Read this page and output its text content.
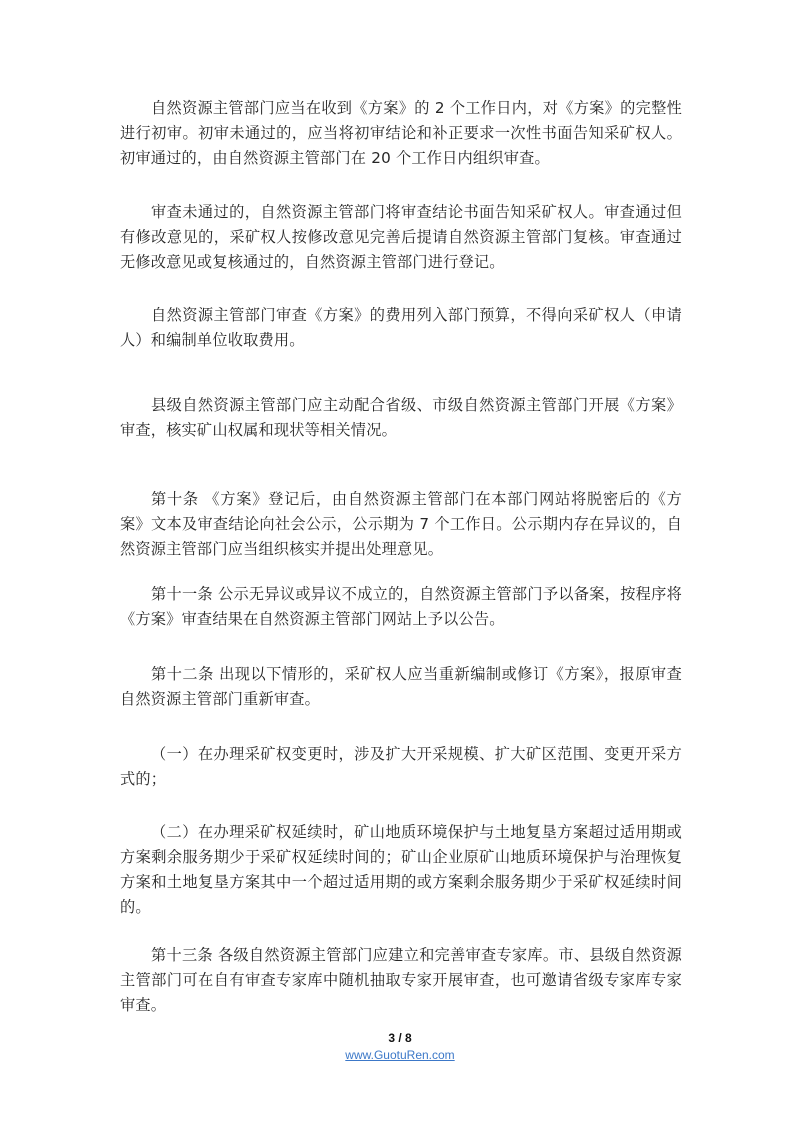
自然资源主管部门应当在收到《方案》的 2 个工作日内，对《方案》的完整性进行初审。初审未通过的，应当将初审结论和补正要求一次性书面告知采矿权人。初审通过的，由自然资源主管部门在 20 个工作日内组织审查。

审查未通过的，自然资源主管部门将审查结论书面告知采矿权人。审查通过但有修改意见的，采矿权人按修改意见完善后提请自然资源主管部门复核。审查通过无修改意见或复核通过的，自然资源主管部门进行登记。

自然资源主管部门审查《方案》的费用列入部门预算，不得向采矿权人（申请人）和编制单位收取费用。

县级自然资源主管部门应主动配合省级、市级自然资源主管部门开展《方案》审查，核实矿山权属和现状等相关情况。

第十条 《方案》登记后，由自然资源主管部门在本部门网站将脱密后的《方案》文本及审查结论向社会公示，公示期为 7 个工作日。公示期内存在异议的，自然资源主管部门应当组织核实并提出处理意见。

第十一条 公示无异议或异议不成立的，自然资源主管部门予以备案，按程序将《方案》审查结果在自然资源主管部门网站上予以公告。

第十二条 出现以下情形的，采矿权人应当重新编制或修订《方案》，报原审查自然资源主管部门重新审查。

（一）在办理采矿权变更时，涉及扩大开采规模、扩大矿区范围、变更开采方式的；

（二）在办理采矿权延续时，矿山地质环境保护与土地复垦方案超过适用期或方案剩余服务期少于采矿权延续时间的；矿山企业原矿山地质环境保护与治理恢复方案和土地复垦方案其中一个超过适用期的或方案剩余服务期少于采矿权延续时间的。

第十三条 各级自然资源主管部门应建立和完善审查专家库。市、县级自然资源主管部门可在自有审查专家库中随机抽取专家开展审查，也可邀请省级专家库专家审查。

3 / 8
www.GuotuRen.com
